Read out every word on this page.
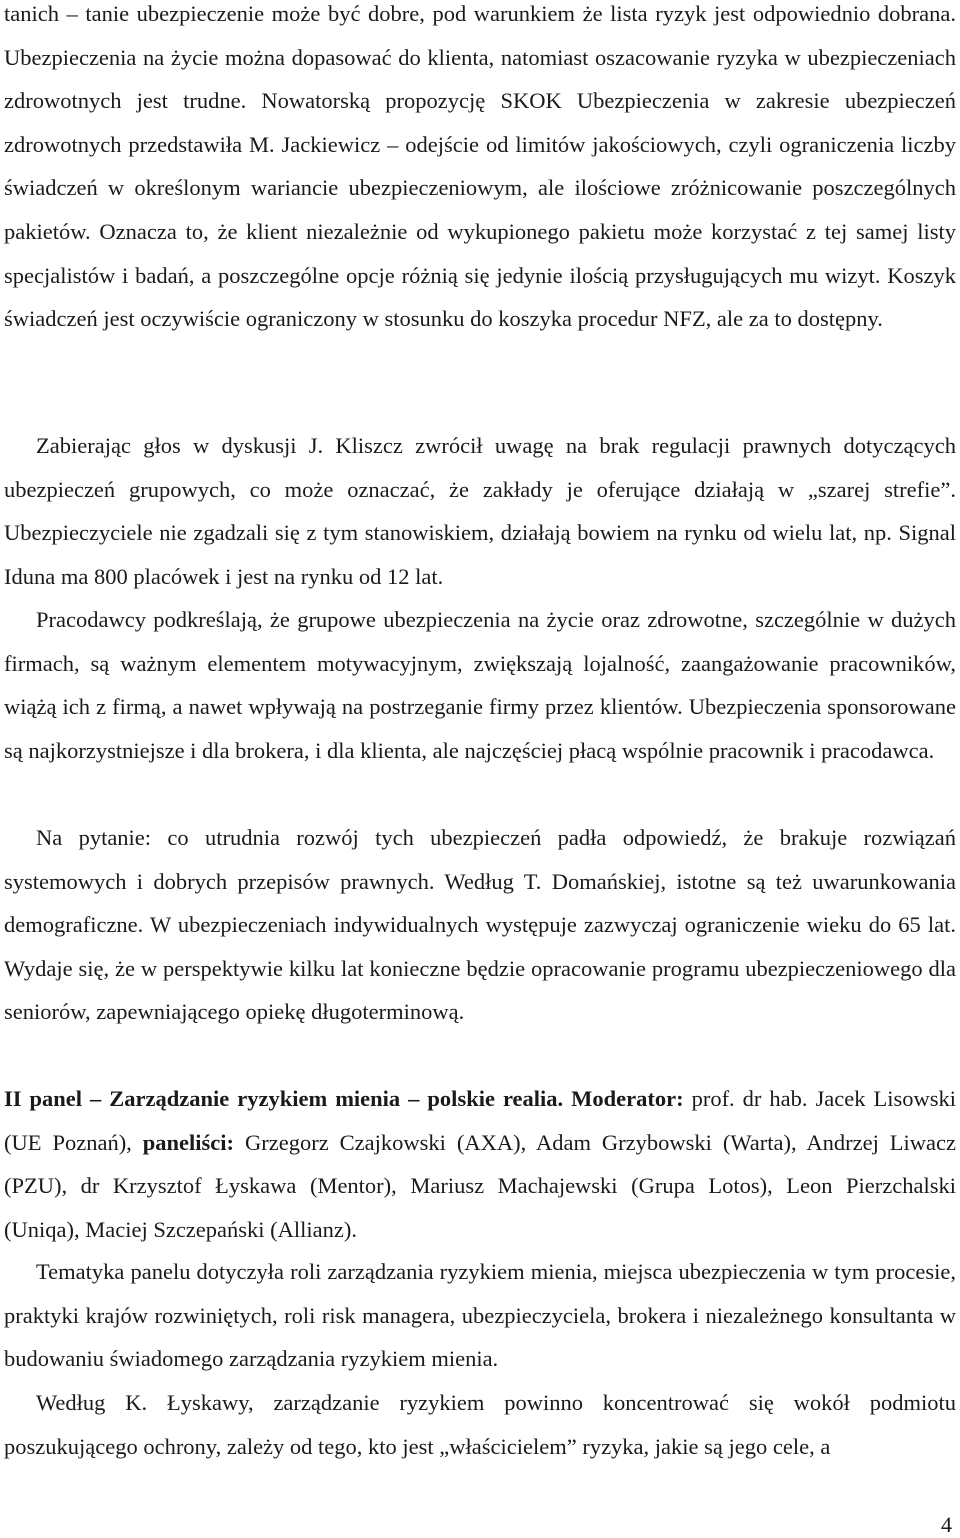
tanich – tanie ubezpieczenie może być dobre, pod warunkiem że lista ryzyk jest odpowiednio dobrana. Ubezpieczenia na życie można dopasować do klienta, natomiast oszacowanie ryzyka w ubezpieczeniach zdrowotnych jest trudne. Nowatorską propozycję SKOK Ubezpieczenia w zakresie ubezpieczeń zdrowotnych przedstawiła M. Jackiewicz – odejście od limitów jakościowych, czyli ograniczenia liczby świadczeń w określonym wariancie ubezpieczeniowym, ale ilościowe zróżnicowanie poszczególnych pakietów. Oznacza to, że klient niezależnie od wykupionego pakietu może korzystać z tej samej listy specjalistów i badań, a poszczególne opcje różnią się jedynie ilością przysługujących mu wizyt. Koszyk świadczeń jest oczywiście ograniczony w stosunku do koszyka procedur NFZ, ale za to dostępny.

Zabierając głos w dyskusji J. Kliszcz zwrócił uwagę na brak regulacji prawnych dotyczących ubezpieczeń grupowych, co może oznaczać, że zakłady je oferujące działają w „szarej strefie”. Ubezpieczyciele nie zgadzali się z tym stanowiskiem, działają bowiem na rynku od wielu lat, np. Signal Iduna ma 800 placówek i jest na rynku od 12 lat.

Pracodawcy podkreślają, że grupowe ubezpieczenia na życie oraz zdrowotne, szczególnie w dużych firmach, są ważnym elementem motywacyjnym, zwiększają lojalność, zaangażowanie pracowników, wiążą ich z firmą, a nawet wpływają na postrzeganie firmy przez klientów. Ubezpieczenia sponsorowane są najkorzystniejsze i dla brokera, i dla klienta, ale najczęściej płacą wspólnie pracownik i pracodawca.

Na pytanie: co utrudnia rozwój tych ubezpieczeń padła odpowiedź, że brakuje rozwiązań systemowych i dobrych przepisów prawnych. Według T. Domańskiej, istotne są też uwarunkowania demograficzne. W ubezpieczeniach indywidualnych występuje zazwyczaj ograniczenie wieku do 65 lat. Wydaje się, że w perspektywie kilku lat konieczne będzie opracowanie programu ubezpieczeniowego dla seniorów, zapewniającego opiekę długoterminową.

II panel – Zarządzanie ryzykiem mienia – polskie realia. Moderator: prof. dr hab. Jacek Lisowski (UE Poznań), paneliści: Grzegorz Czajkowski (AXA), Adam Grzybowski (Warta), Andrzej Liwacz (PZU), dr Krzysztof Łyskawa (Mentor), Mariusz Machajewski (Grupa Lotos), Leon Pierzchalski (Uniqa), Maciej Szczepański (Allianz).

Tematyka panelu dotyczyła roli zarządzania ryzykiem mienia, miejsca ubezpieczenia w tym procesie, praktyki krajów rozwiniętych, roli risk managera, ubezpieczyciela, brokera i niezależnego konsultanta w budowaniu świadomego zarządzania ryzykiem mienia.

Według K. Łyskawy, zarządzanie ryzykiem powinno koncentrować się wokół podmiotu poszukującego ochrony, zależy od tego, kto jest „właścicielem” ryzyka, jakie są jego cele, a

4
